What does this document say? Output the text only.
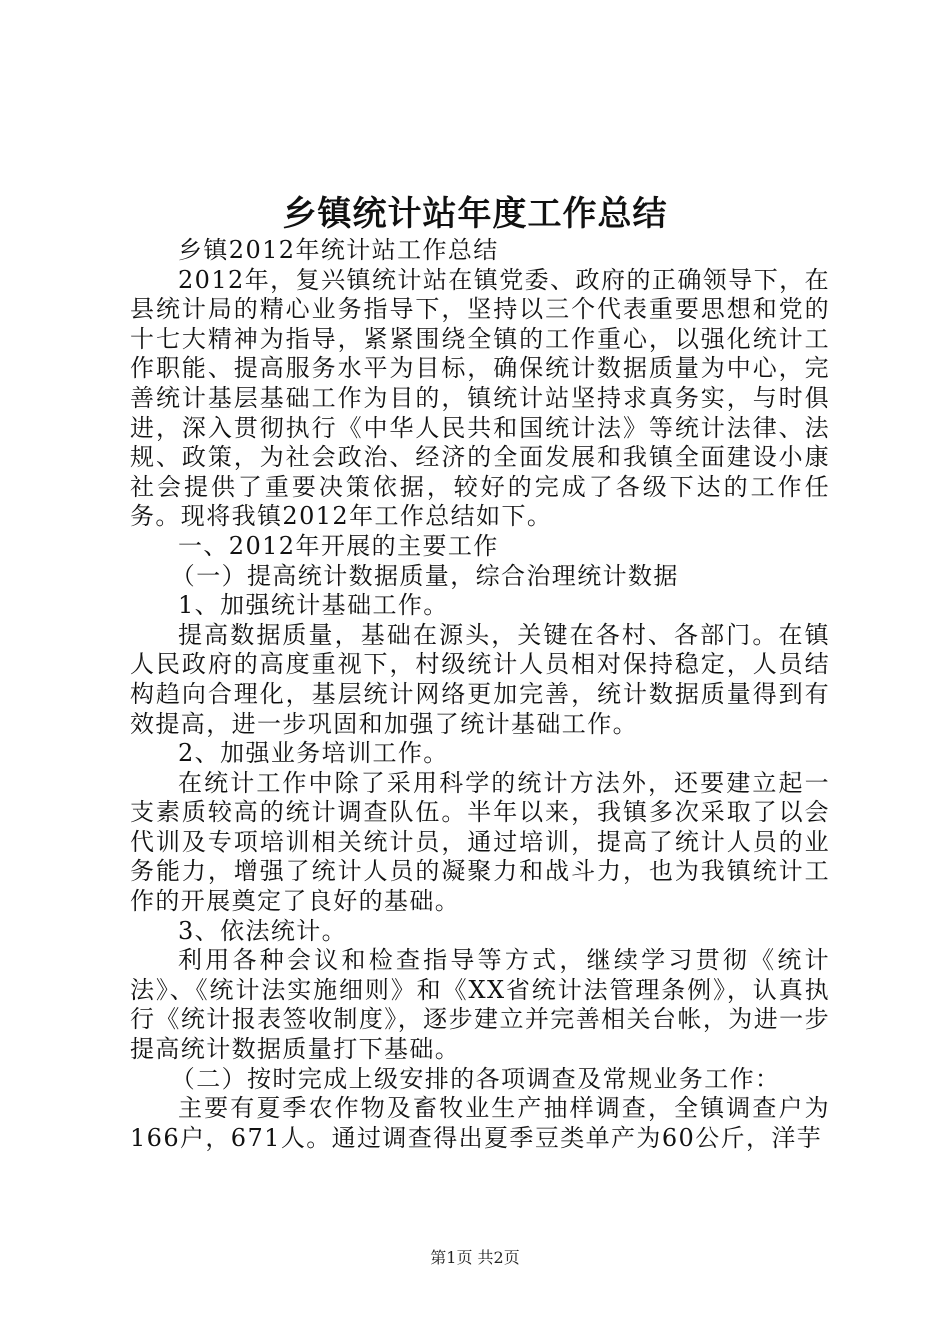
乡镇统计站年度工作总结

乡镇2012年统计站工作总结

2012年，复兴镇统计站在镇党委、政府的正确领导下，在县统计局的精心业务指导下，坚持以三个代表重要思想和党的十七大精神为指导，紧紧围绕全镇的工作重心，以强化统计工作职能、提高服务水平为目标，确保统计数据质量为中心，完善统计基层基础工作为目的，镇统计站坚持求真务实，与时俱进，深入贯彻执行《中华人民共和国统计法》等统计法律、法规、政策，为社会政治、经济的全面发展和我镇全面建设小康社会提供了重要决策依据，较好的完成了各级下达的工作任务。现将我镇2012年工作总结如下。

一、2012年开展的主要工作

（一）提高统计数据质量，综合治理统计数据

1、加强统计基础工作。

提高数据质量，基础在源头，关键在各村、各部门。在镇人民政府的高度重视下，村级统计人员相对保持稳定，人员结构趋向合理化，基层统计网络更加完善，统计数据质量得到有效提高，进一步巩固和加强了统计基础工作。

2、加强业务培训工作。

在统计工作中除了采用科学的统计方法外，还要建立起一支素质较高的统计调查队伍。半年以来，我镇多次采取了以会代训及专项培训相关统计员，通过培训，提高了统计人员的业务能力，增强了统计人员的凝聚力和战斗力，也为我镇统计工作的开展奠定了良好的基础。

3、依法统计。

利用各种会议和检查指导等方式，继续学习贯彻《统计法》、《统计法实施细则》和《XX省统计法管理条例》，认真执行《统计报表签收制度》，逐步建立并完善相关台帐，为进一步提高统计数据质量打下基础。

（二）按时完成上级安排的各项调查及常规业务工作：

主要有夏季农作物及畜牧业生产抽样调查，全镇调查户为166户，671人。通过调查得出夏季豆类单产为60公斤，洋芋

第1页 共2页
